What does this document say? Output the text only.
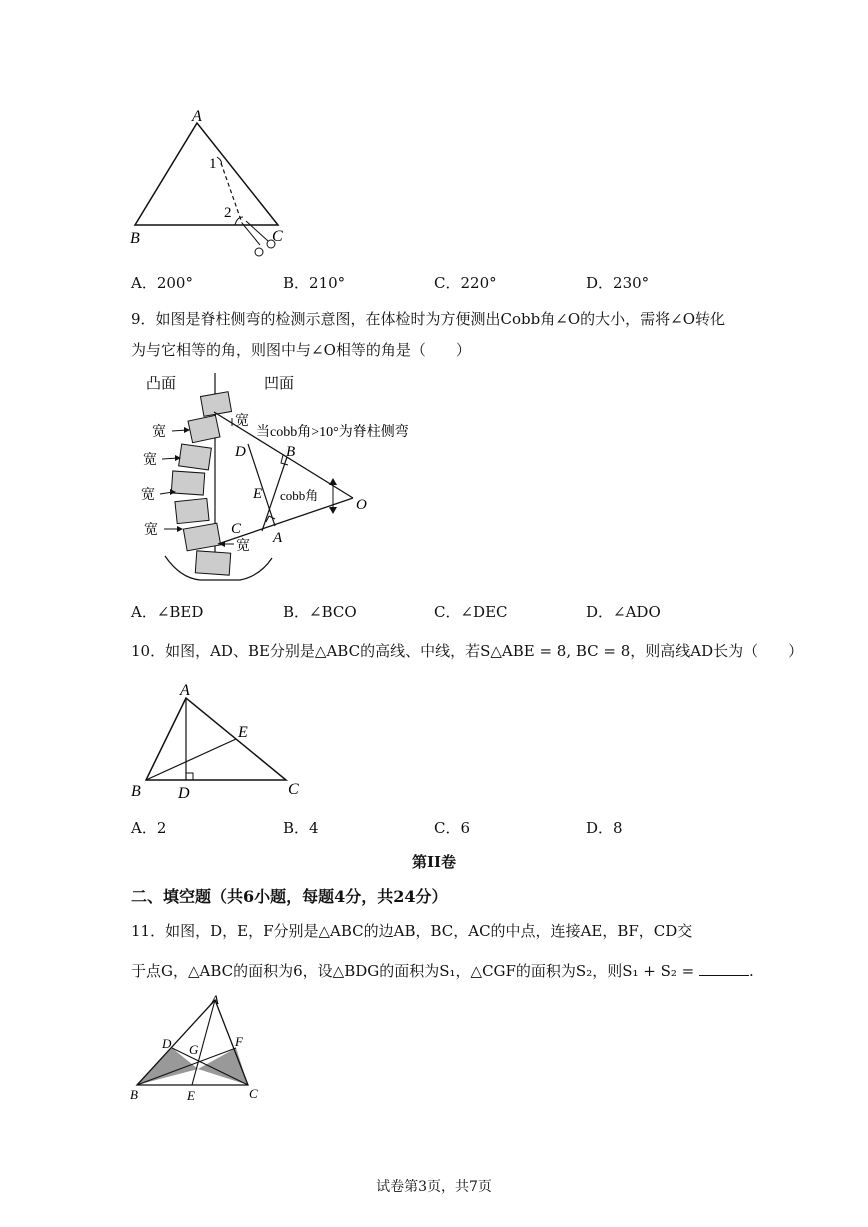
A
B	C
1
2
A．200°	B．210°	C．220°	D．230°
9．如图是脊柱侧弯的检测示意图，在体检时为方便测出Cobb角∠O的大小，需将∠O转化
为与它相等的角，则图中与∠O相等的角是（　　）
凸面	凹面
宽
宽
宽
宽
宽
宽
当cobb角>10°为脊柱侧弯
cobb角
D
E
B
C
A
O
A．∠BED	B．∠BCO	C．∠DEC	D．∠ADO
10．如图，AD、BE分别是△ABC的高线、中线，若S△ABE = 8, BC = 8，则高线AD长为（　　）
A
B	C
D
E
A．2	B．4	C．6	D．8
第II卷
二、填空题（共6小题，每题4分，共24分）
11．如图，D，E，F分别是△ABC的边AB，BC，AC的中点，连接AE，BF，CD交
于点G，△ABC的面积为6，设△BDG的面积为S₁，△CGF的面积为S₂，则S₁ + S₂ =	.
A
B	C
D
E
F
G
试卷第3页，共7页
